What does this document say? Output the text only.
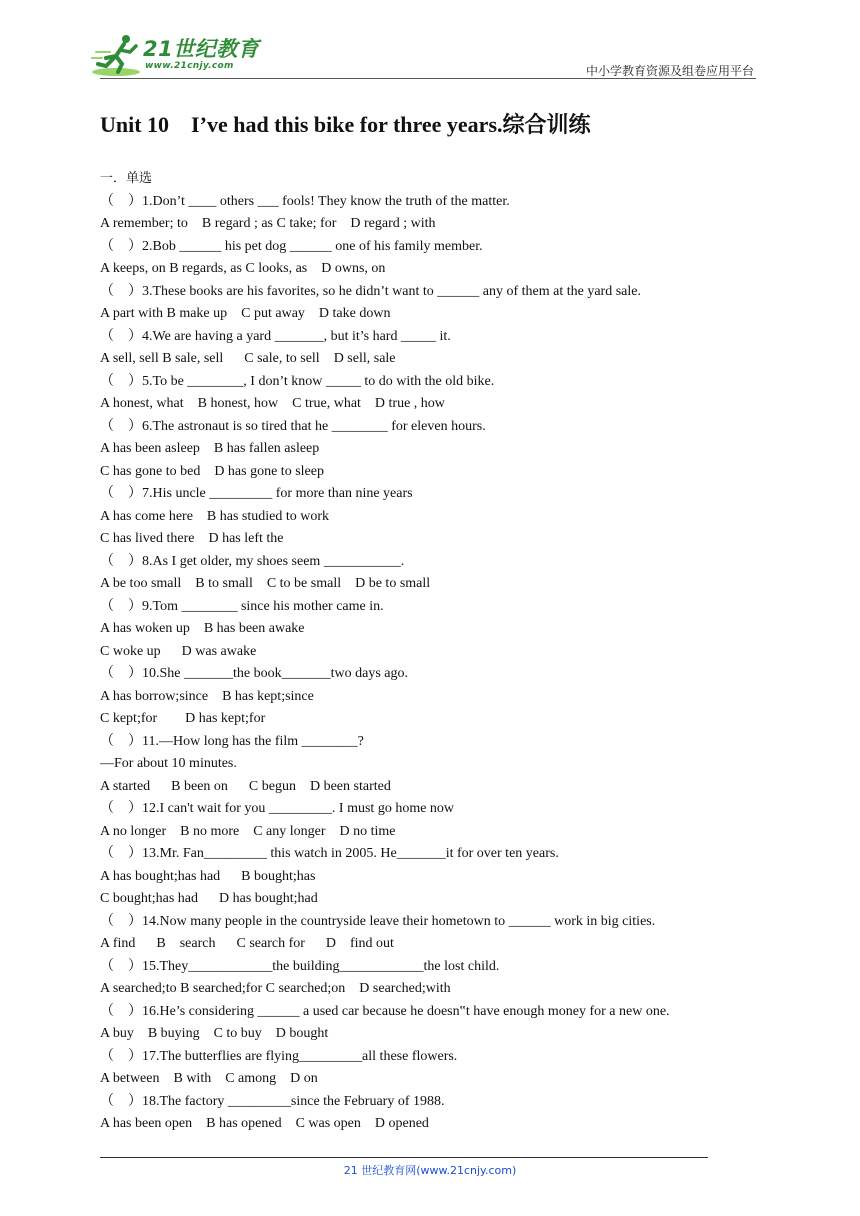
21世纪教育
www.21cnjy.com	中小学教育资源及组卷应用平台
Unit 10    I’ve had this bike for three years.综合训练
一．单选
（　）1.Don’t ____ others ___ fools! They know the truth of the matter.
A remember; to    B regard ; as C take; for    D regard ; with
（　）2.Bob ______ his pet dog ______ one of his family member.
A keeps, on B regards, as C looks, as    D owns, on
（　）3.These books are his favorites, so he didn’t want to ______ any of them at the yard sale.
A part with B make up    C put away    D take down
（　）4.We are having a yard _______, but it’s hard _____ it.
A sell, sell B sale, sell      C sale, to sell    D sell, sale
（　）5.To be ________, I don’t know _____ to do with the old bike.
A honest, what    B honest, how    C true, what    D true , how
（　）6.The astronaut is so tired that he ________ for eleven hours.
A has been asleep    B has fallen asleep
C has gone to bed    D has gone to sleep
（　）7.His uncle _________ for more than nine years
A has come here    B has studied to work
C has lived there    D has left the
（　）8.As I get older, my shoes seem ___________.
A be too small    B to small    C to be small    D be to small
（　）9.Tom ________ since his mother came in.
A has woken up    B has been awake
C woke up      D was awake
（　）10.She _______the book_______two days ago.
A has borrow;since    B has kept;since
C kept;for        D has kept;for
（　）11.—How long has the film ________?
—For about 10 minutes.
A started      B been on      C begun    D been started
（　）12.I can't wait for you _________. I must go home now
A no longer    B no more    C any longer    D no time
（　）13.Mr. Fan_________ this watch in 2005. He_______it for over ten years.
A has bought;has had      B bought;has
C bought;has had      D has bought;had
（　）14.Now many people in the countryside leave their hometown to ______ work in big cities.
A find      B    search      C search for      D    find out
（　）15.They____________the building____________the lost child.
A searched;to B searched;for C searched;on    D searched;with
（　）16.He’s considering ______ a used car because he doesn‟t have enough money for a new one.
A buy    B buying    C to buy    D bought
（　）17.The butterflies are flying_________all these flowers.
A between    B with    C among    D on
（　）18.The factory _________since the February of 1988.
A has been open    B has opened    C was open    D opened
21 世纪教育网(www.21cnjy.com)
